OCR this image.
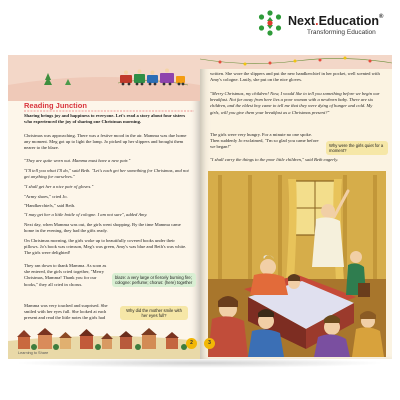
Next.Education®
Transforming Education
Reading Junction

Sharing brings joy and happiness to everyone. Let's read a story about four sisters who experienced the joy of sharing one Christmas morning.

Christmas was approaching. There was a festive mood in the air. Mamma was due home any moment. Meg got up to light the lamp. Jo picked up her slippers and brought them nearer to the blaze.

"They are quite worn out. Mamma must have a new pair."

"I'll tell you what I'll do," said Beth. "Let's each get her something for Christmas, and not get anything for ourselves."

"I shall get her a nice pair of gloves."

"Army shoes," cried Jo.

"Handkerchiefs," said Beth.

"I may get her a little bottle of cologne. I am not sure", added Amy.

Next day, when Mamma was out, the girls went shopping. By the time Mamma came home in the evening, they had the gifts ready.

On Christmas morning, the girls woke up to beautifully covered books under their pillows. Jo's book was crimson, Meg's was green, Amy's was blue and Beth's was white. The girls were delighted!

They ran down to thank Mamma. As soon as she entered, the girls cried together, "Merry Christmas, Mamma! Thank you for our books," they all cried in chorus.

Mamma was very touched and surprised. She smiled with her eyes full. She looked at each present and read the little notes the girls had

blaze: a very large or fiercely burning fire; cologne: perfume; chorus: (here) together
Why did the mother smile with her eyes full?
Learning to Share
2

written. She wore the slippers and put the new handkerchief in her pocket, well scented with Amy's cologne. Lastly, she put on the nice gloves.

"Merry Christmas, my children! Now, I would like to tell you something before we begin our breakfast. Not far away from here lies a poor woman with a newborn baby. There are six children, and the eldest boy came to tell me that they were dying of hunger and cold. My girls, will you give them your breakfast as a Christmas present?"

The girls were very hungry. For a minute no one spoke. Then suddenly Jo exclaimed, "I'm so glad you came before we began!"	Why were the girls quiet for a moment?

"I shall carry the things to the poor little children," said Beth eagerly.

3
